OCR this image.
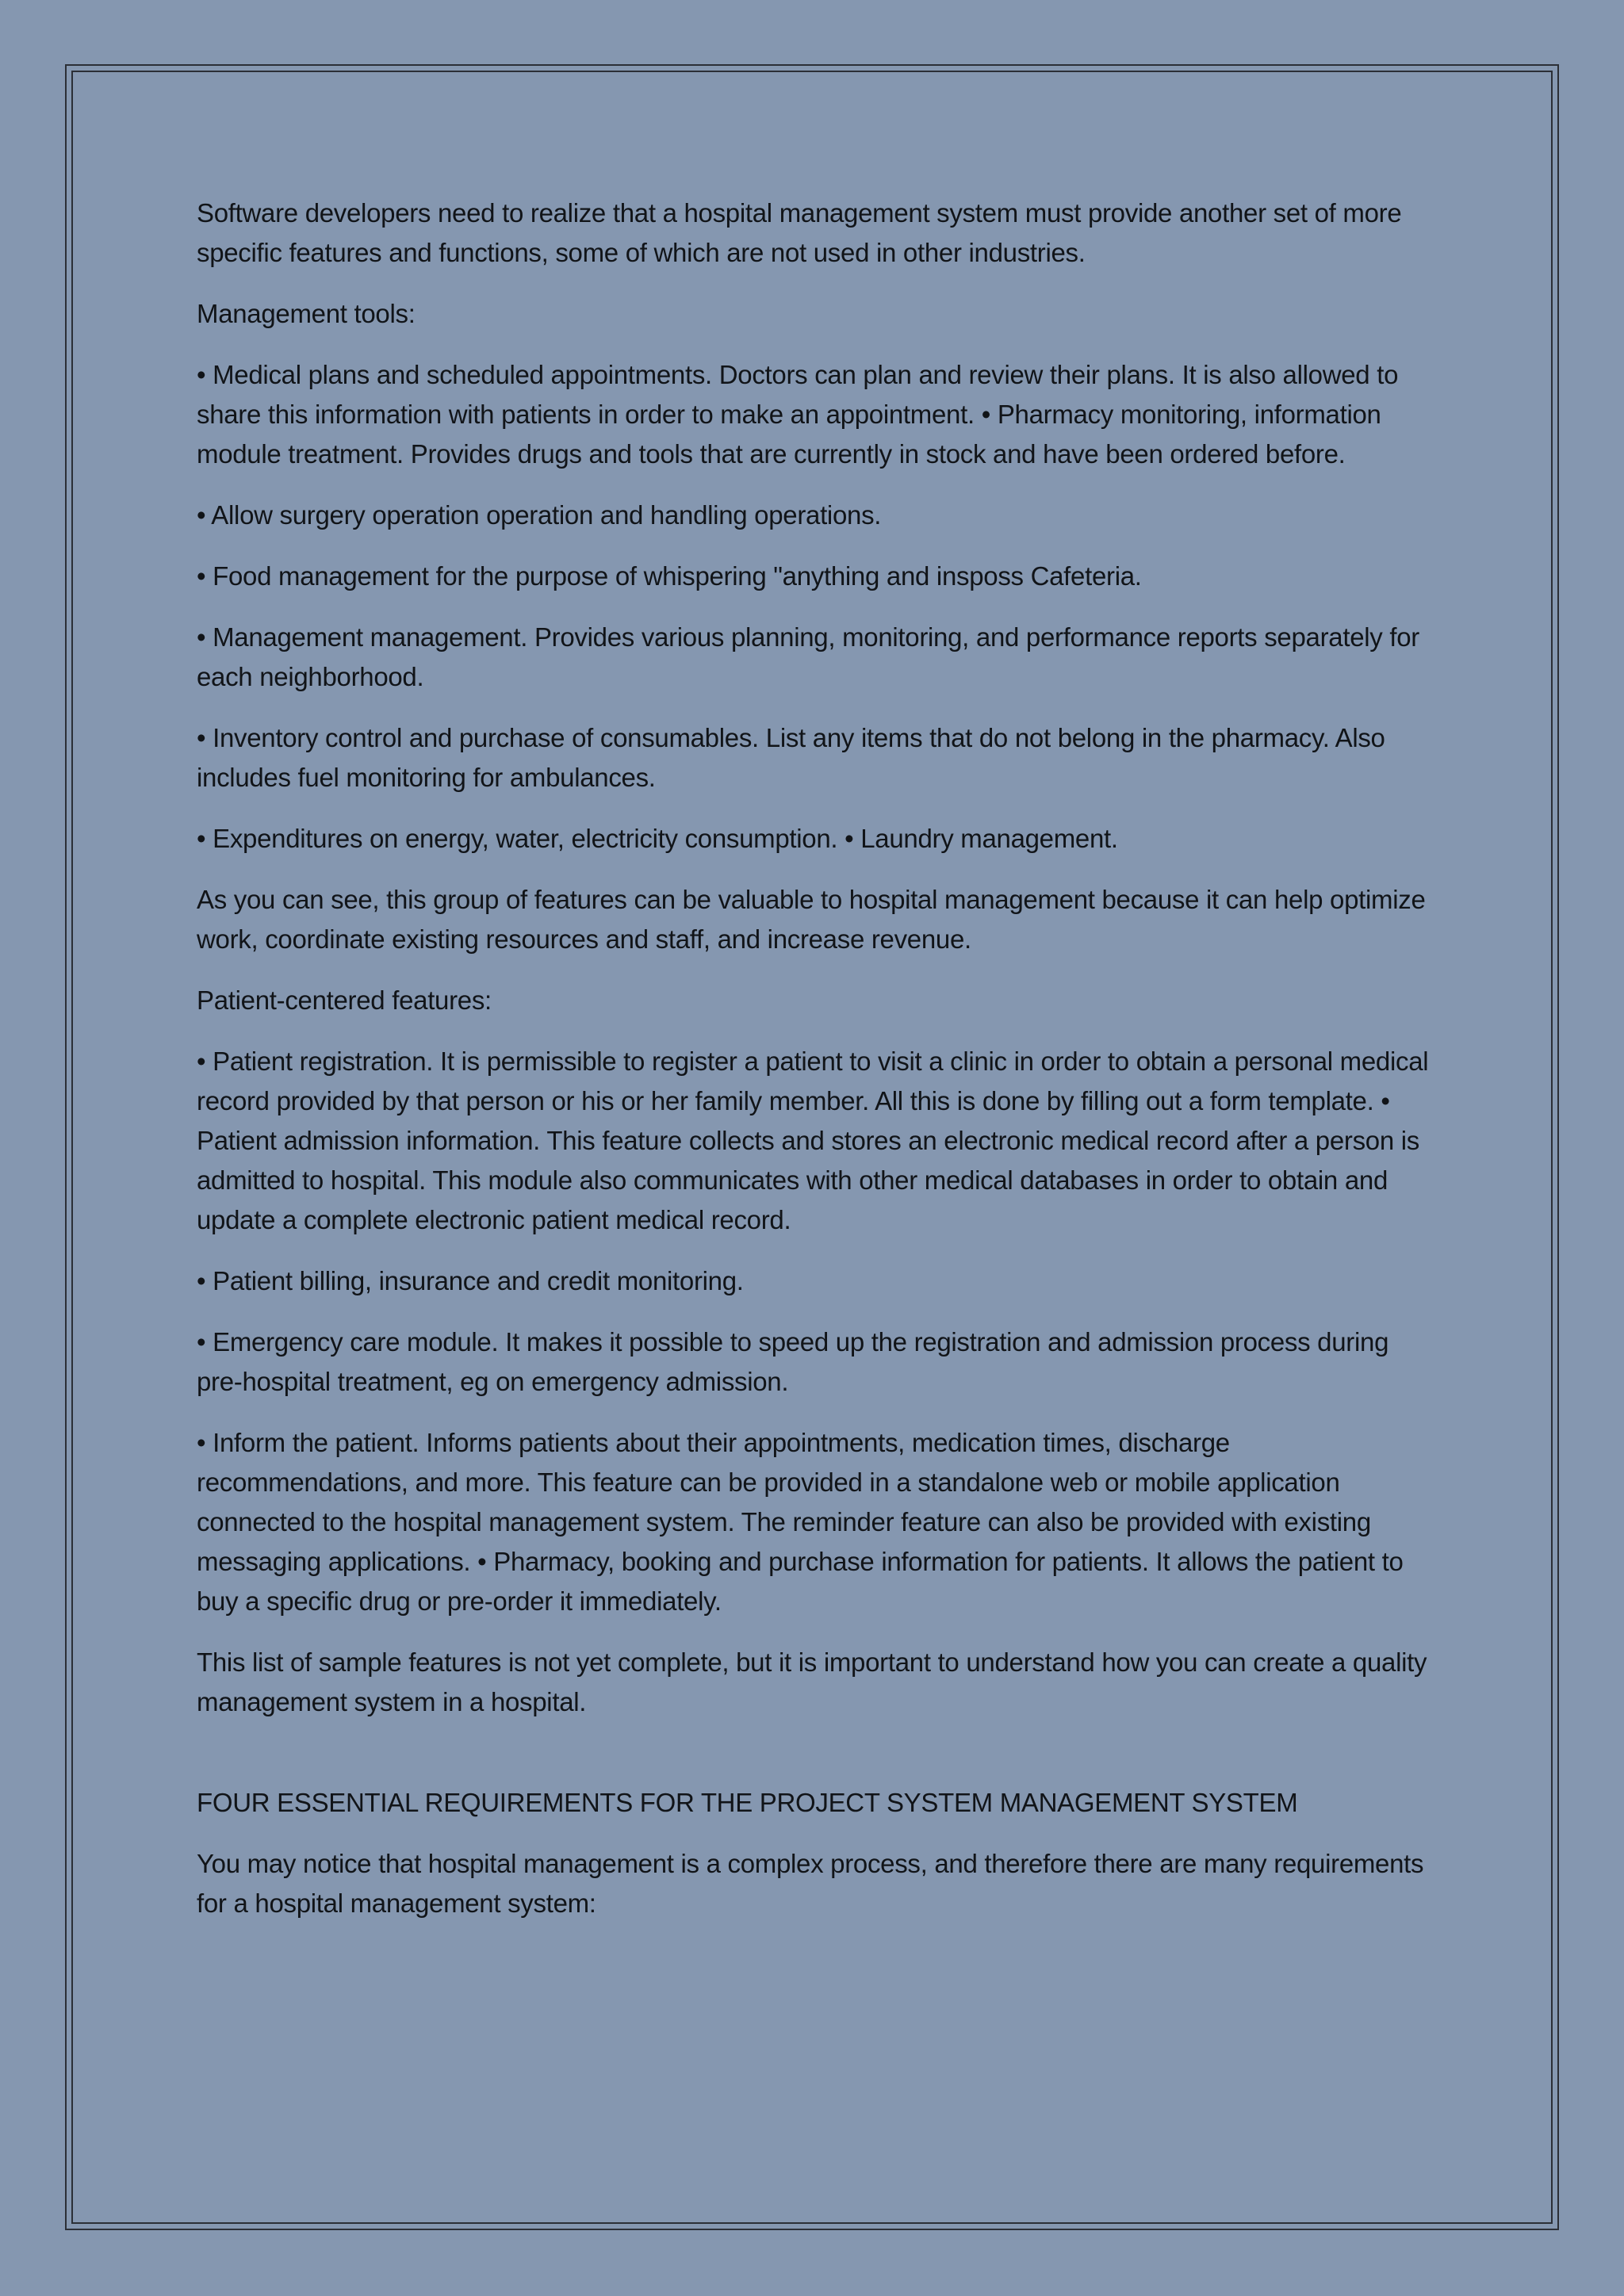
Software developers need to realize that a hospital management system must provide another set of more specific features and functions, some of which are not used in other industries.

Management tools:

• Medical plans and scheduled appointments. Doctors can plan and review their plans. It is also allowed to share this information with patients in order to make an appointment. • Pharmacy monitoring, information module treatment. Provides drugs and tools that are currently in stock and have been ordered before.

• Allow surgery operation operation and handling operations.

• Food management for the purpose of whispering "anything and insposs Cafeteria.

• Management management. Provides various planning, monitoring, and performance reports separately for each neighborhood.

• Inventory control and purchase of consumables. List any items that do not belong in the pharmacy. Also includes fuel monitoring for ambulances.

• Expenditures on energy, water, electricity consumption. • Laundry management.

As you can see, this group of features can be valuable to hospital management because it can help optimize work, coordinate existing resources and staff, and increase revenue.

Patient-centered features:

• Patient registration. It is permissible to register a patient to visit a clinic in order to obtain a personal medical record provided by that person or his or her family member. All this is done by filling out a form template. • Patient admission information. This feature collects and stores an electronic medical record after a person is admitted to hospital. This module also communicates with other medical databases in order to obtain and update a complete electronic patient medical record.

• Patient billing, insurance and credit monitoring.

• Emergency care module. It makes it possible to speed up the registration and admission process during pre-hospital treatment, eg on emergency admission.

• Inform the patient. Informs patients about their appointments, medication times, discharge recommendations, and more. This feature can be provided in a standalone web or mobile application connected to the hospital management system. The reminder feature can also be provided with existing messaging applications. • Pharmacy, booking and purchase information for patients. It allows the patient to buy a specific drug or pre-order it immediately.

This list of sample features is not yet complete, but it is important to understand how you can create a quality management system in a hospital.

FOUR ESSENTIAL REQUIREMENTS FOR THE PROJECT SYSTEM MANAGEMENT SYSTEM

You may notice that hospital management is a complex process, and therefore there are many requirements for a hospital management system:
